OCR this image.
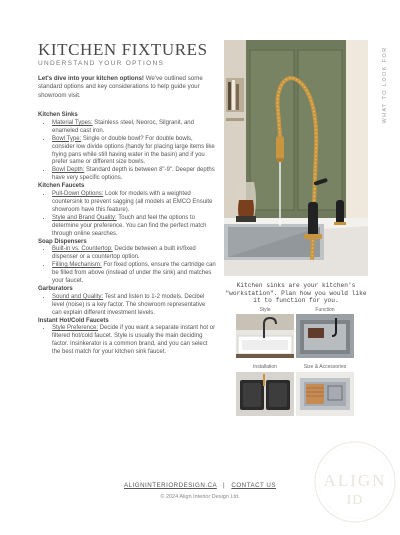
KITCHEN FIXTURES
UNDERSTAND YOUR OPTIONS	WHAT TO LOOK FOR
Let's dive into your kitchen options! We've outlined some standard options and key considerations to help guide your showroom visit.
Kitchen Sinks
• Material Types: Stainless steel, Neoroc, Silgranit, and enameled cast iron.
• Bowl Type: Single or double bowl? For double bowls, consider low divide options (handy for placing large items like frying pans while still having water in the basin) and if you prefer same or different size bowls.
• Bowl Depth: Standard depth is between 8"-9". Deeper depths have very specific options.
Kitchen Faucets
• Pull-Down Options: Look for models with a weighted countersink to prevent sagging (all models at EMCO Ensuite showroom have this feature).
• Style and Brand Quality: Touch and feel the options to determine your preference. You can find the perfect match through online searches.
Soap Dispensers
• Built-in vs. Countertop: Decide between a built in/fixed dispenser or a countertop option.
• Filling Mechanism: For fixed options, ensure the cartridge can be filled from above (instead of under the sink) and matches your faucet.
Garburators
• Sound and Quality: Test and listen to 1-2 models. Decibel level (noise) is a key factor. The showroom representative can explain different investment levels.
Instant Hot/Cold Faucets
• Style Preference: Decide if you want a separate instant hot or filtered hot/cold faucet. Style is usually the main deciding factor. Insinkerator is a common brand, and you can select the best match for your kitchen sink faucet.
Kitchen sinks are your kitchen's "workstation". Plan how you would like it to function for you.
Style	Function
Installation	Size & Accessories
ALIGN
ID
ALIGNINTERIORDESIGN.CA | CONTACT US
© 2024 Align Interior Design Ltd.
